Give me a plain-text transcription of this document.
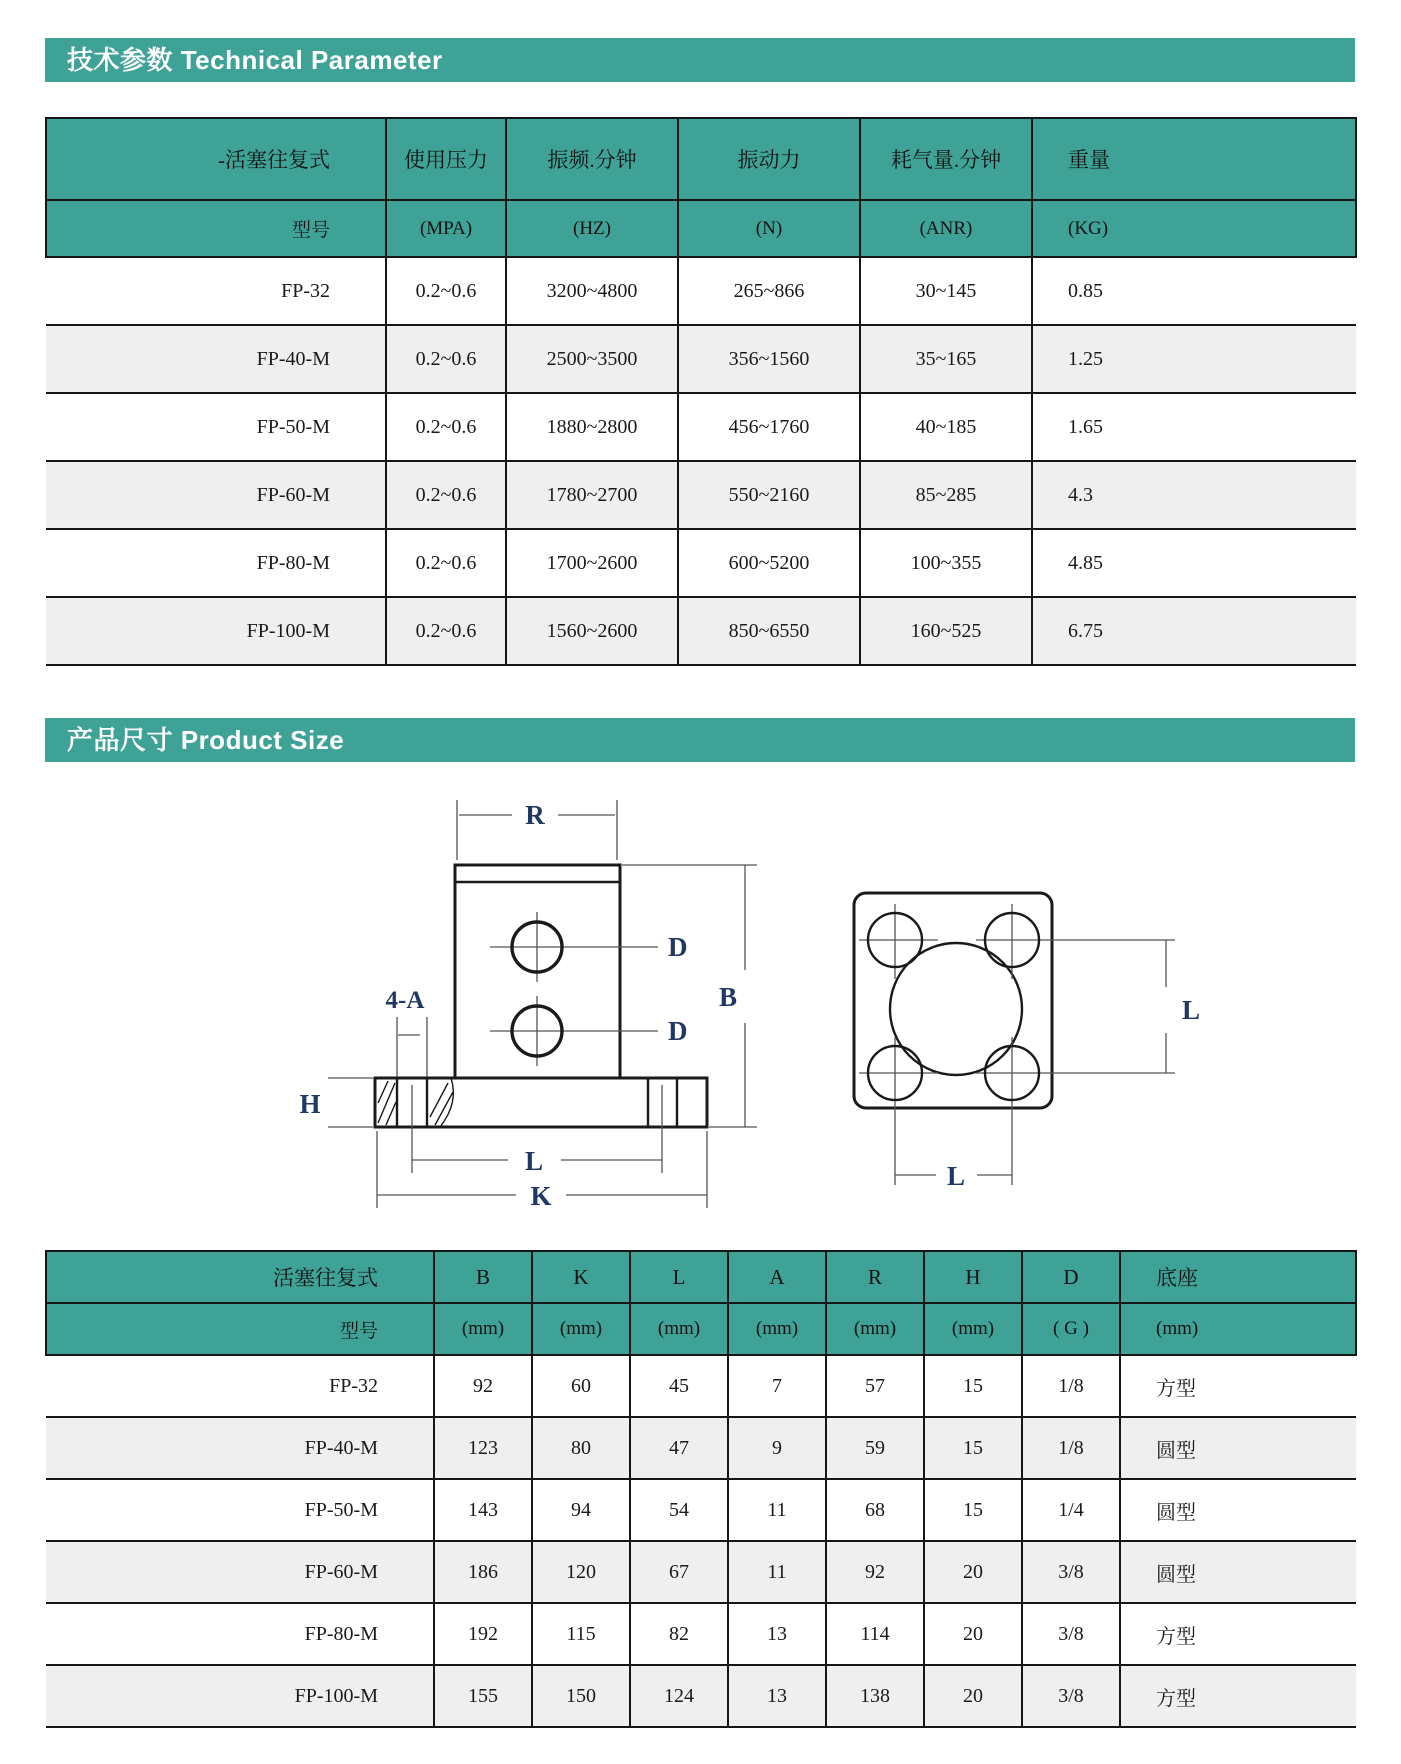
技术参数 Technical Parameter
-活塞往复式	使用压力	振频.分钟	振动力	耗气量.分钟	重量
型号	(MPA)	(HZ)	(N)	(ANR)	(KG)
FP-32	0.2~0.6	3200~4800	265~866	30~145	0.85
FP-40-M	0.2~0.6	2500~3500	356~1560	35~165	1.25
FP-50-M	0.2~0.6	1880~2800	456~1760	40~185	1.65
FP-60-M	0.2~0.6	1780~2700	550~2160	85~285	4.3
FP-80-M	0.2~0.6	1700~2600	600~5200	100~355	4.85
FP-100-M	0.2~0.6	1560~2600	850~6550	160~525	6.75
产品尺寸 Product Size
R
D
D
B
4-A
H
L
K
L
L
活塞往复式	B	K	L	A	R	H	D	底座
型号	(mm)	(mm)	(mm)	(mm)	(mm)	(mm)	( G )	(mm)
FP-32	92	60	45	7	57	15	1/8	方型
FP-40-M	123	80	47	9	59	15	1/8	圆型
FP-50-M	143	94	54	11	68	15	1/4	圆型
FP-60-M	186	120	67	11	92	20	3/8	圆型
FP-80-M	192	115	82	13	114	20	3/8	方型
FP-100-M	155	150	124	13	138	20	3/8	方型
